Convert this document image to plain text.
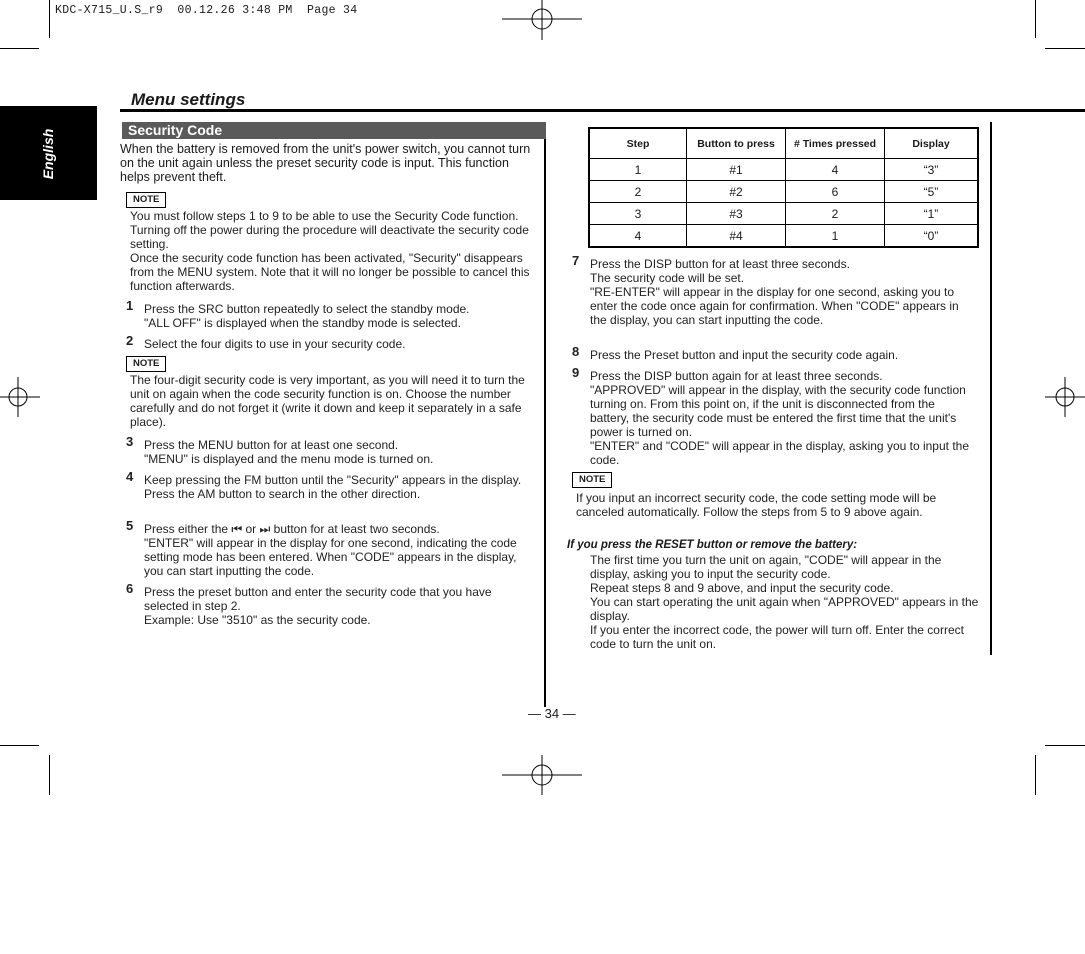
KDC-X715_U.S_r9  00.12.26 3:48 PM  Page 34
English
Menu settings
Security Code
When the battery is removed from the unit's power switch, you cannot turn on the unit again unless the preset security code is input. This function helps prevent theft.
NOTE
You must follow steps 1 to 9 to be able to use the Security Code function. Turning off the power during the procedure will deactivate the security code setting.
Once the security code function has been activated, "Security" disappears from the MENU system. Note that it will no longer be possible to cancel this function afterwards.
1 Press the SRC button repeatedly to select the standby mode.
"ALL OFF" is displayed when the standby mode is selected.
2 Select the four digits to use in your security code.
NOTE
The four-digit security code is very important, as you will need it to turn the unit on again when the code security function is on. Choose the number carefully and do not forget it (write it down and keep it separately in a safe place).
3 Press the MENU button for at least one second.
"MENU" is displayed and the menu mode is turned on.
4 Keep pressing the FM button until the "Security" appears in the display.
Press the AM button to search in the other direction.
5 Press either the ⏮ or ⏭ button for at least two seconds.
"ENTER" will appear in the display for one second, indicating the code setting mode has been entered. When "CODE" appears in the display, you can start inputting the code.
6 Press the preset button and enter the security code that you have selected in step 2.
Example: Use "3510" as the security code.
Step	Button to press	# Times pressed	Display
1	#1	4	“3”
2	#2	6	“5”
3	#3	2	“1”
4	#4	1	“0”
7 Press the DISP button for at least three seconds.
The security code will be set.
"RE-ENTER" will appear in the display for one second, asking you to enter the code once again for confirmation. When "CODE" appears in the display, you can start inputting the code.
8 Press the Preset button and input the security code again.
9 Press the DISP button again for at least three seconds.
"APPROVED" will appear in the display, with the security code function turning on. From this point on, if the unit is disconnected from the battery, the security code must be entered the first time that the unit's power is turned on.
"ENTER" and "CODE" will appear in the display, asking you to input the code.
NOTE
If you input an incorrect security code, the code setting mode will be canceled automatically. Follow the steps from 5 to 9 above again.
If you press the RESET button or remove the battery:
The first time you turn the unit on again, "CODE" will appear in the display, asking you to input the security code.
Repeat steps 8 and 9 above, and input the security code.
You can start operating the unit again when "APPROVED" appears in the display.
If you enter the incorrect code, the power will turn off. Enter the correct code to turn the unit on.
— 34 —
